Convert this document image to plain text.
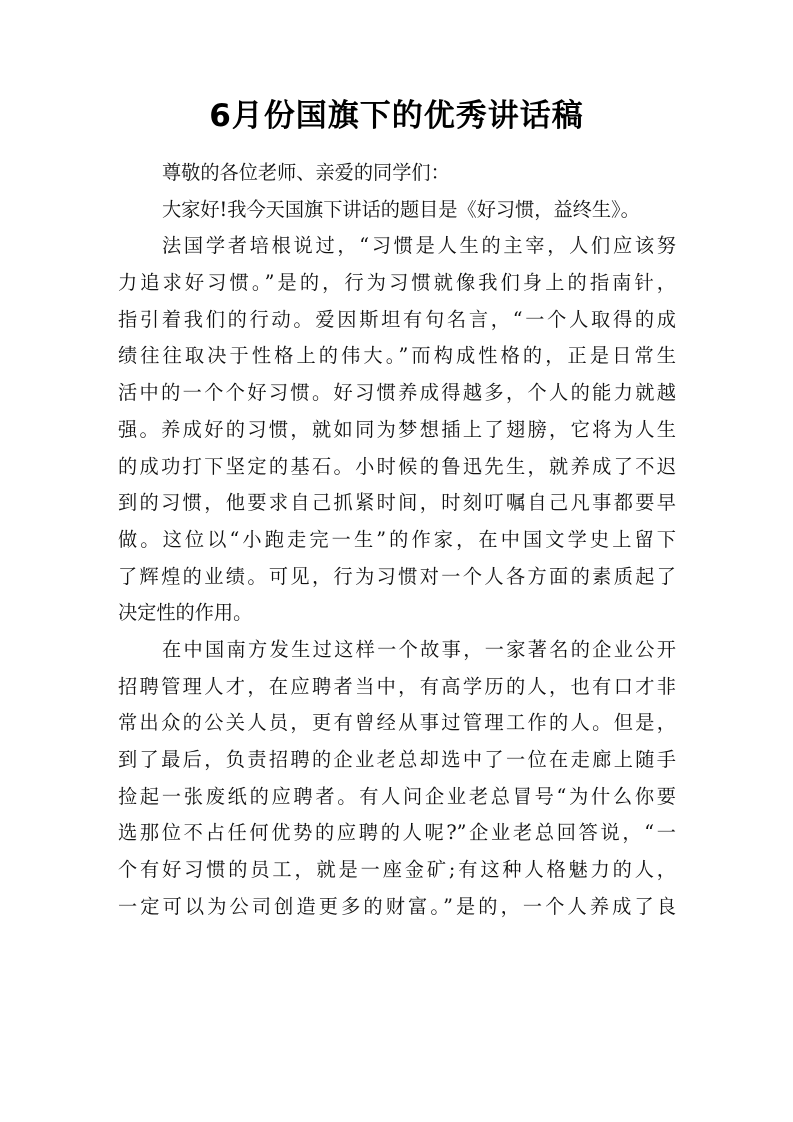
6月份国旗下的优秀讲话稿
尊敬的各位老师、亲爱的同学们：
大家好!我今天国旗下讲话的题目是《好习惯，益终生》。
法国学者培根说过，“习惯是人生的主宰，人们应该努
力追求好习惯。”是的，行为习惯就像我们身上的指南针，
指引着我们的行动。爱因斯坦有句名言，“一个人取得的成
绩往往取决于性格上的伟大。”而构成性格的，正是日常生
活中的一个个好习惯。好习惯养成得越多，个人的能力就越
强。养成好的习惯，就如同为梦想插上了翅膀，它将为人生
的成功打下坚定的基石。小时候的鲁迅先生，就养成了不迟
到的习惯，他要求自己抓紧时间，时刻叮嘱自己凡事都要早
做。这位以“小跑走完一生”的作家，在中国文学史上留下
了辉煌的业绩。可见，行为习惯对一个人各方面的素质起了
决定性的作用。
在中国南方发生过这样一个故事，一家著名的企业公开
招聘管理人才，在应聘者当中，有高学历的人，也有口才非
常出众的公关人员，更有曾经从事过管理工作的人。但是，
到了最后，负责招聘的企业老总却选中了一位在走廊上随手
捡起一张废纸的应聘者。有人问企业老总冒号“为什么你要
选那位不占任何优势的应聘的人呢?”企业老总回答说，“一
个有好习惯的员工，就是一座金矿;有这种人格魅力的人，
一定可以为公司创造更多的财富。”是的，一个人养成了良
